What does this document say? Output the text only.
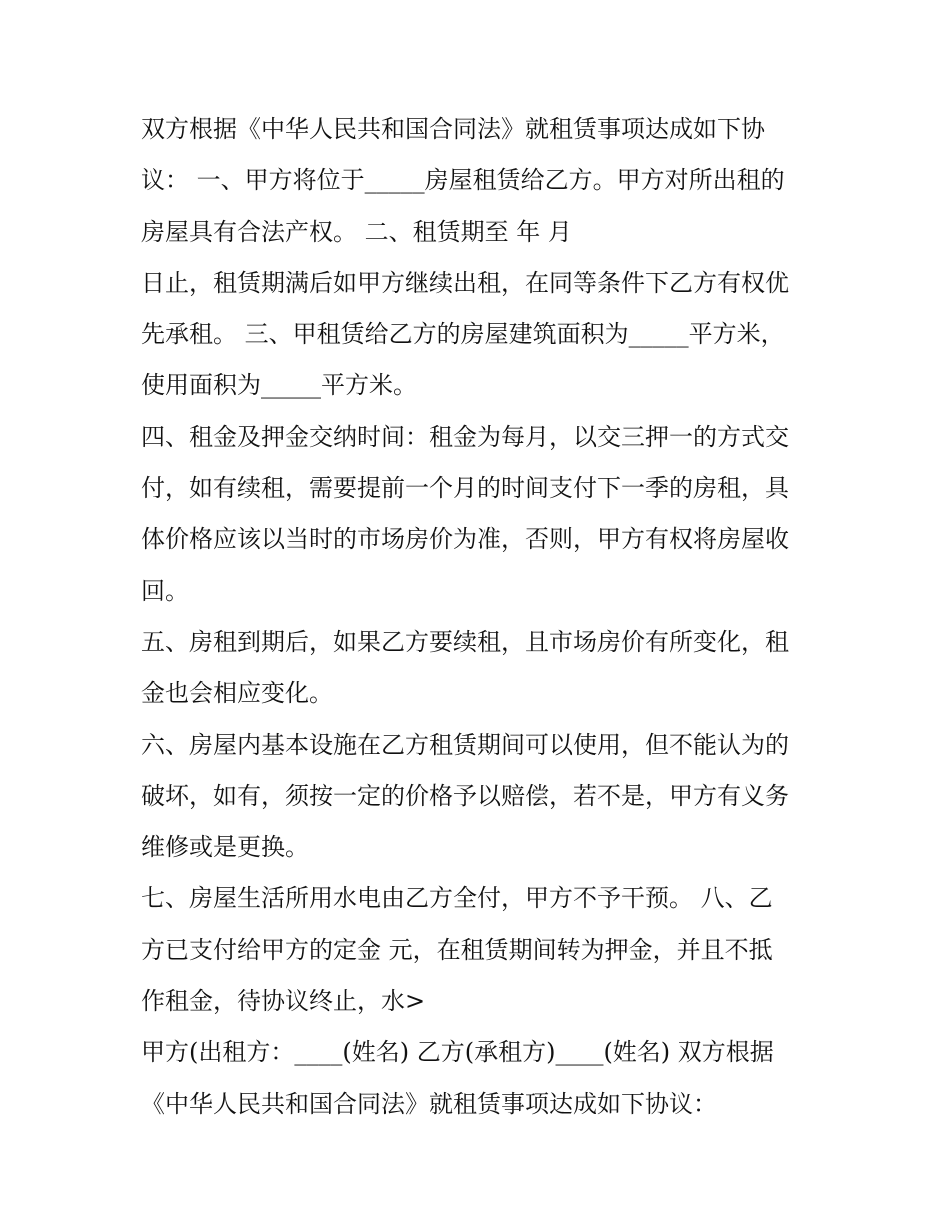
双方根据《中华人民共和国合同法》就租赁事项达成如下协
议： 一、甲方将位于_____房屋租赁给乙方。甲方对所出租的
房屋具有合法产权。 二、租赁期至 年 月
日止，租赁期满后如甲方继续出租，在同等条件下乙方有权优
先承租。 三、甲租赁给乙方的房屋建筑面积为_____平方米，
使用面积为_____平方米。
四、租金及押金交纳时间：租金为每月，以交三押一的方式交
付，如有续租，需要提前一个月的时间支付下一季的房租，具
体价格应该以当时的市场房价为准，否则，甲方有权将房屋收
回。
五、房租到期后，如果乙方要续租，且市场房价有所变化，租
金也会相应变化。
六、房屋内基本设施在乙方租赁期间可以使用，但不能认为的
破坏，如有，须按一定的价格予以赔偿，若不是，甲方有义务
维修或是更换。
七、房屋生活所用水电由乙方全付，甲方不予干预。 八、乙
方已支付给甲方的定金 元，在租赁期间转为押金，并且不抵
作租金，待协议终止，水>
甲方(出租方：____(姓名) 乙方(承租方)____(姓名) 双方根据
《中华人民共和国合同法》就租赁事项达成如下协议：
